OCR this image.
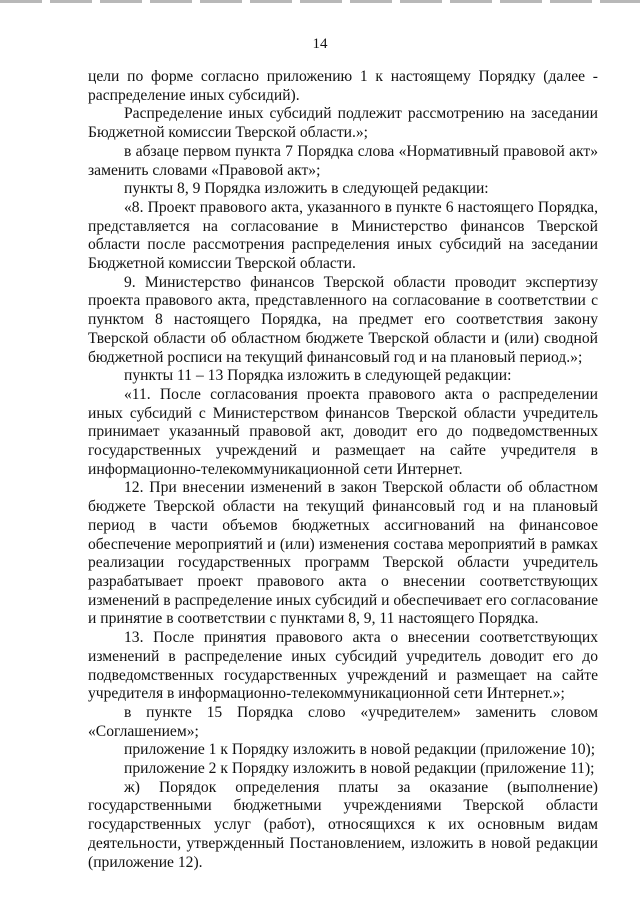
14

цели по форме согласно приложению 1 к настоящему Порядку (далее - распределение иных субсидий).

Распределение иных субсидий подлежит рассмотрению на заседании Бюджетной комиссии Тверской области.»;

в абзаце первом пункта 7 Порядка слова «Нормативный правовой акт» заменить словами «Правовой акт»;

пункты 8, 9 Порядка изложить в следующей редакции:

«8. Проект правового акта, указанного в пункте 6 настоящего Порядка, представляется на согласование в Министерство финансов Тверской области после рассмотрения распределения иных субсидий на заседании Бюджетной комиссии Тверской области.

9. Министерство финансов Тверской области проводит экспертизу проекта правового акта, представленного на согласование в соответствии с пунктом 8 настоящего Порядка, на предмет его соответствия закону Тверской области об областном бюджете Тверской области и (или) сводной бюджетной росписи на текущий финансовый год и на плановый период.»;

пункты 11 – 13 Порядка изложить в следующей редакции:

«11. После согласования проекта правового акта о распределении иных субсидий с Министерством финансов Тверской области учредитель принимает указанный правовой акт, доводит его до подведомственных государственных учреждений и размещает на сайте учредителя в информационно-телекоммуникационной сети Интернет.

12. При внесении изменений в закон Тверской области об областном бюджете Тверской области на текущий финансовый год и на плановый период в части объемов бюджетных ассигнований на финансовое обеспечение мероприятий и (или) изменения состава мероприятий в рамках реализации государственных программ Тверской области учредитель разрабатывает проект правового акта о внесении соответствующих изменений в распределение иных субсидий и обеспечивает его согласование и принятие в соответствии с пунктами 8, 9, 11 настоящего Порядка.

13. После принятия правового акта о внесении соответствующих изменений в распределение иных субсидий учредитель доводит его до подведомственных государственных учреждений и размещает на сайте учредителя в информационно-телекоммуникационной сети Интернет.»;

в пункте 15 Порядка слово «учредителем» заменить словом «Соглашением»;

приложение 1 к Порядку изложить в новой редакции (приложение 10);

приложение 2 к Порядку изложить в новой редакции (приложение 11);

ж) Порядок определения платы за оказание (выполнение) государственными бюджетными учреждениями Тверской области государственных услуг (работ), относящихся к их основным видам деятельности, утвержденный Постановлением, изложить в новой редакции (приложение 12).
